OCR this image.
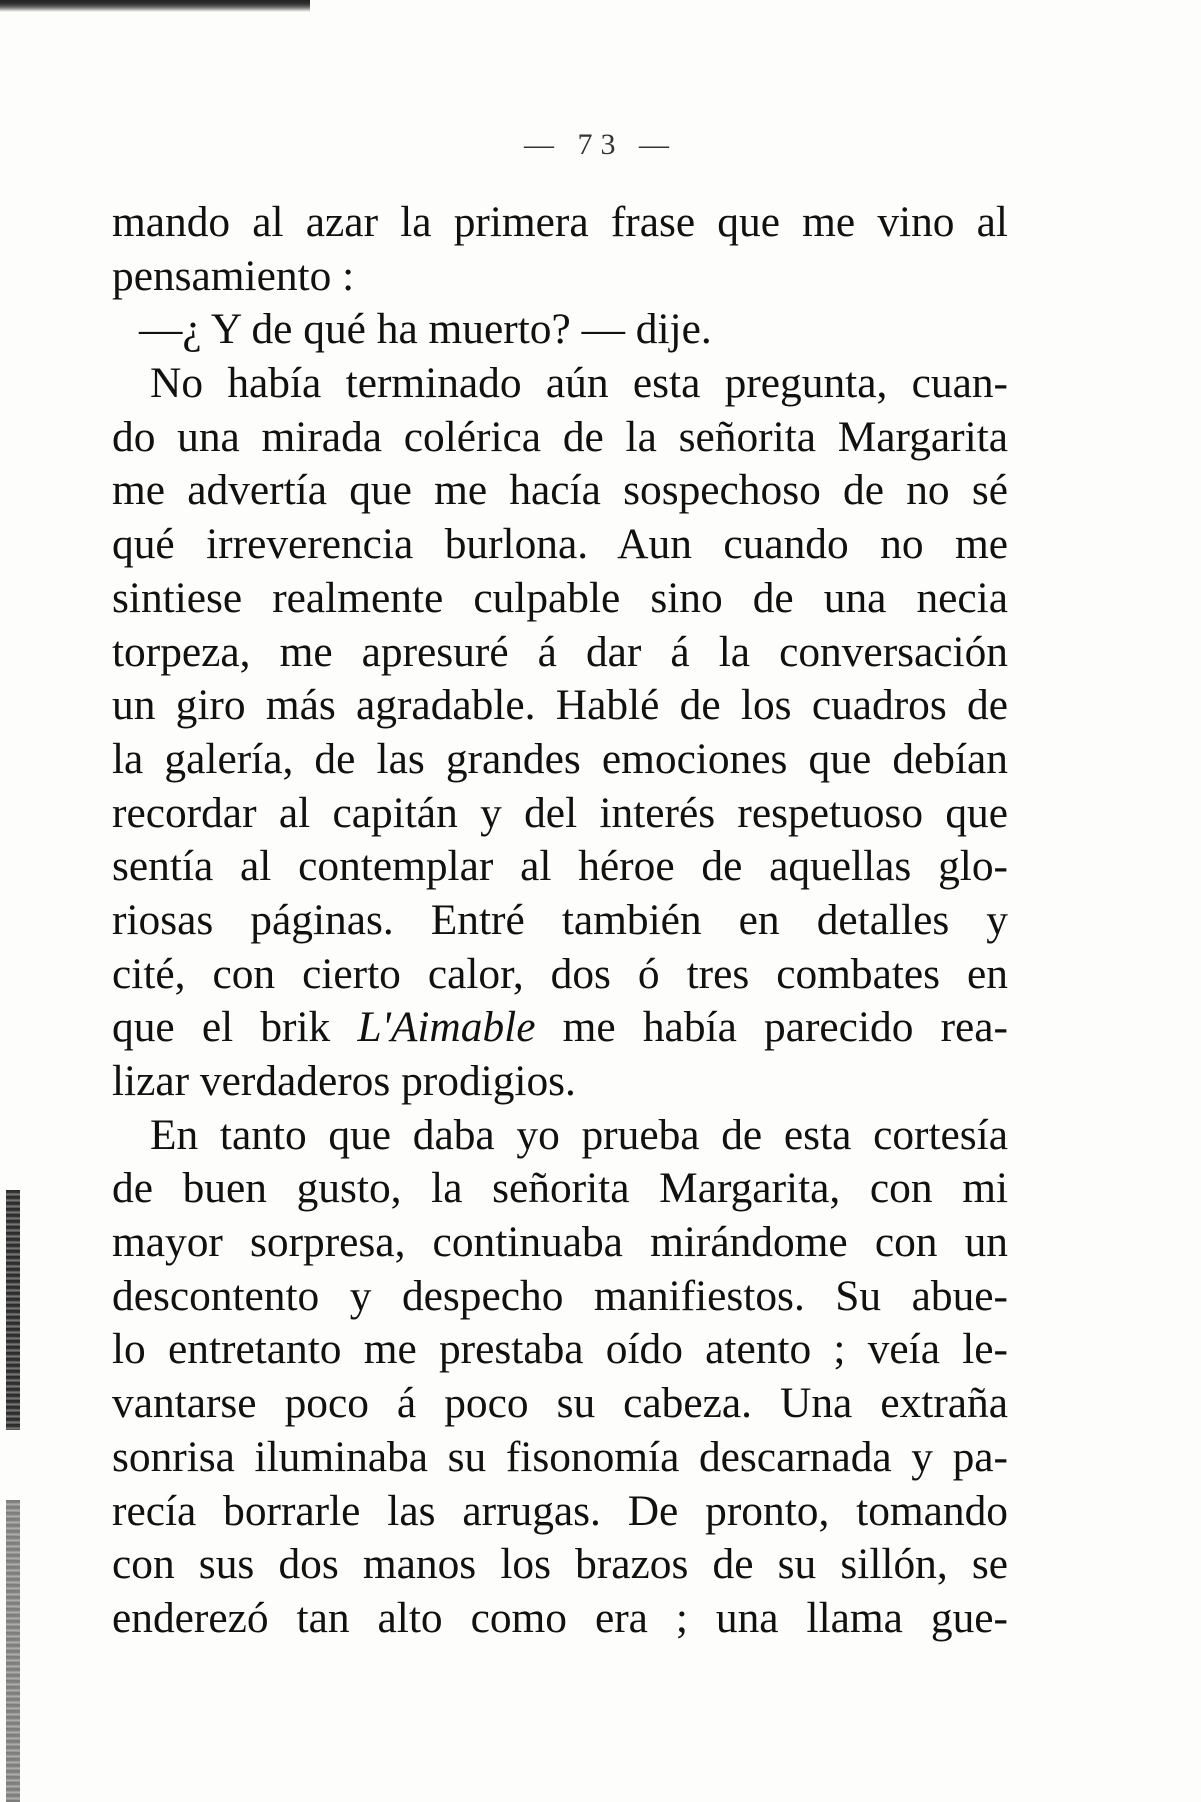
— 73 —
mando al azar la primera frase que me vino al
pensamiento :
—¿ Y de qué ha muerto? — dije.
No había terminado aún esta pregunta, cuan-
do una mirada colérica de la señorita Margarita
me advertía que me hacía sospechoso de no sé
qué irreverencia burlona. Aun cuando no me
sintiese realmente culpable sino de una necia
torpeza, me apresuré á dar á la conversación
un giro más agradable. Hablé de los cuadros de
la galería, de las grandes emociones que debían
recordar al capitán y del interés respetuoso que
sentía al contemplar al héroe de aquellas glo-
riosas páginas. Entré también en detalles y
cité, con cierto calor, dos ó tres combates en
que el brik L'Aimable me había parecido rea-
lizar verdaderos prodigios.
En tanto que daba yo prueba de esta cortesía
de buen gusto, la señorita Margarita, con mi
mayor sorpresa, continuaba mirándome con un
descontento y despecho manifiestos. Su abue-
lo entretanto me prestaba oído atento ; veía le-
vantarse poco á poco su cabeza. Una extraña
sonrisa iluminaba su fisonomía descarnada y pa-
recía borrarle las arrugas. De pronto, tomando
con sus dos manos los brazos de su sillón, se
enderezó tan alto como era ; una llama gue-
